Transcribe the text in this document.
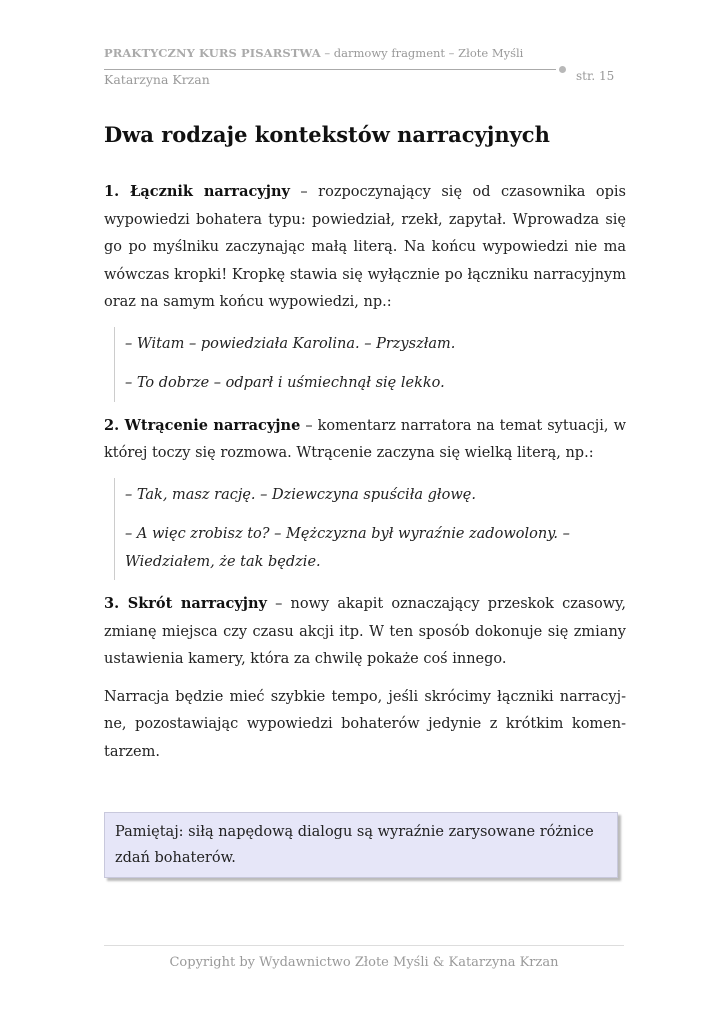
PRAKTYCZNY KURS PISARSTWA – darmowy fragment – Złote Myśli
Katarzyna Krzan	str. 15
Dwa rodzaje kontekstów narracyjnych

1. Łącznik narracyjny – rozpoczynający się od czasownika opis wypowiedzi bohatera typu: powiedział, rzekł, zapytał. Wprowadza się go po myślniku zaczynając małą literą. Na końcu wypowiedzi nie ma wówczas kropki! Kropkę stawia się wyłącznie po łączniku narracyjnym oraz na samym końcu wypowiedzi, np.:

– Witam – powiedziała Karolina. – Przyszłam.
– To dobrze – odparł i uśmiechnął się lekko.

2. Wtrącenie narracyjne – komentarz narratora na temat sytuacji, w której toczy się rozmowa. Wtrącenie zaczyna się wielką literą, np.:

– Tak, masz rację. – Dziewczyna spuściła głowę.
– A więc zrobisz to? – Mężczyzna był wyraźnie zadowolony. – Wiedziałem, że tak będzie.

3. Skrót narracyjny – nowy akapit oznaczający przeskok czasowy, zmianę miejsca czy czasu akcji itp. W ten sposób dokonuje się zmiany ustawienia kamery, która za chwilę pokaże coś innego.

Narracja będzie mieć szybkie tempo, jeśli skrócimy łączniki narracyjne, pozostawiając wypowiedzi bohaterów jedynie z krótkim komentarzem.

Pamiętaj: siłą napędową dialogu są wyraźnie zarysowane różnice zdań bohaterów.

Copyright by Wydawnictwo Złote Myśli & Katarzyna Krzan
